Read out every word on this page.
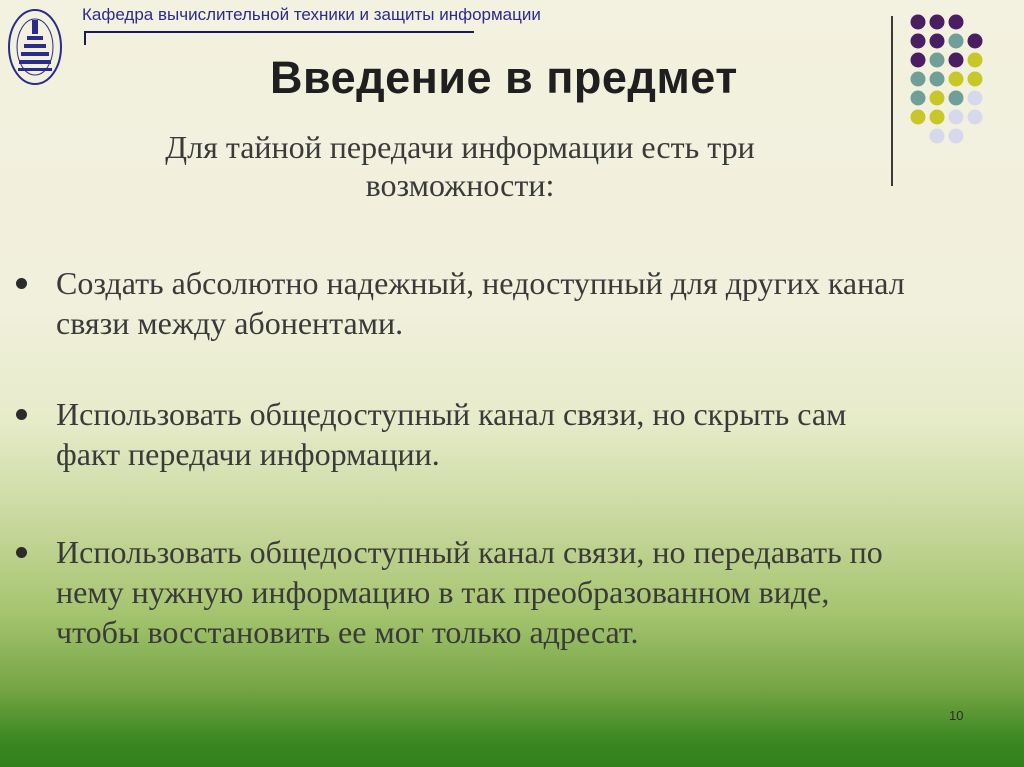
Кафедра вычислительной техники и защиты информации
Введение в предмет
Для тайной передачи информации есть три возможности:
Создать абсолютно надежный, недоступный для других канал связи между абонентами.
Использовать общедоступный канал связи, но скрыть сам факт передачи информации.
Использовать общедоступный канал связи, но передавать по нему нужную информацию в так преобразованном виде, чтобы восстановить ее мог только адресат.
10
